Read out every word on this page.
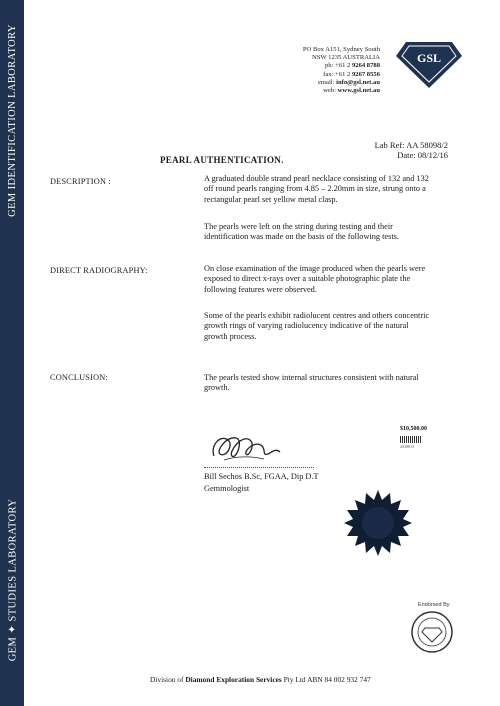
GEM IDENTIFICATION LABORATORY
GEM ✦ STUDIES LABORATORY
PO Box A151, Sydney South
NSW 1235 AUSTRALIA
ph: +61 2 9264 8788
fax: +61 2 9267 8556
email: info@gsl.net.au
web: www.gsl.net.au
GSL
Lab Ref: AA 58098/2
Date: 08/12/16
PEARL AUTHENTICATION.
DESCRIPTION :	A graduated double strand pearl necklace consisting of 132 and 132 off round pearls ranging from 4.85 – 2.20mm in size, strung onto a rectangular pearl set yellow metal clasp.
The pearls were left on the string during testing and their identification was made on the basis of the following tests.
DIRECT RADIOGRAPHY:	On close examination of the image produced when the pearls were exposed to direct x-rays over a suitable photographic plate the following features were observed.
Some of the pearls exhibit radiolucent centres and others concentric growth rings of varying radiolucency indicative of the natural growth process.
CONCLUSION:	The pearls tested show internal structures consistent with natural growth.
$10,500.00
2038813
Bill Sechos B.Sc, FGAA, Dip D.T
Gemmologist
Endorsed By
Division of Diamond Exploration Services Pty Ltd ABN 84 002 932 747
